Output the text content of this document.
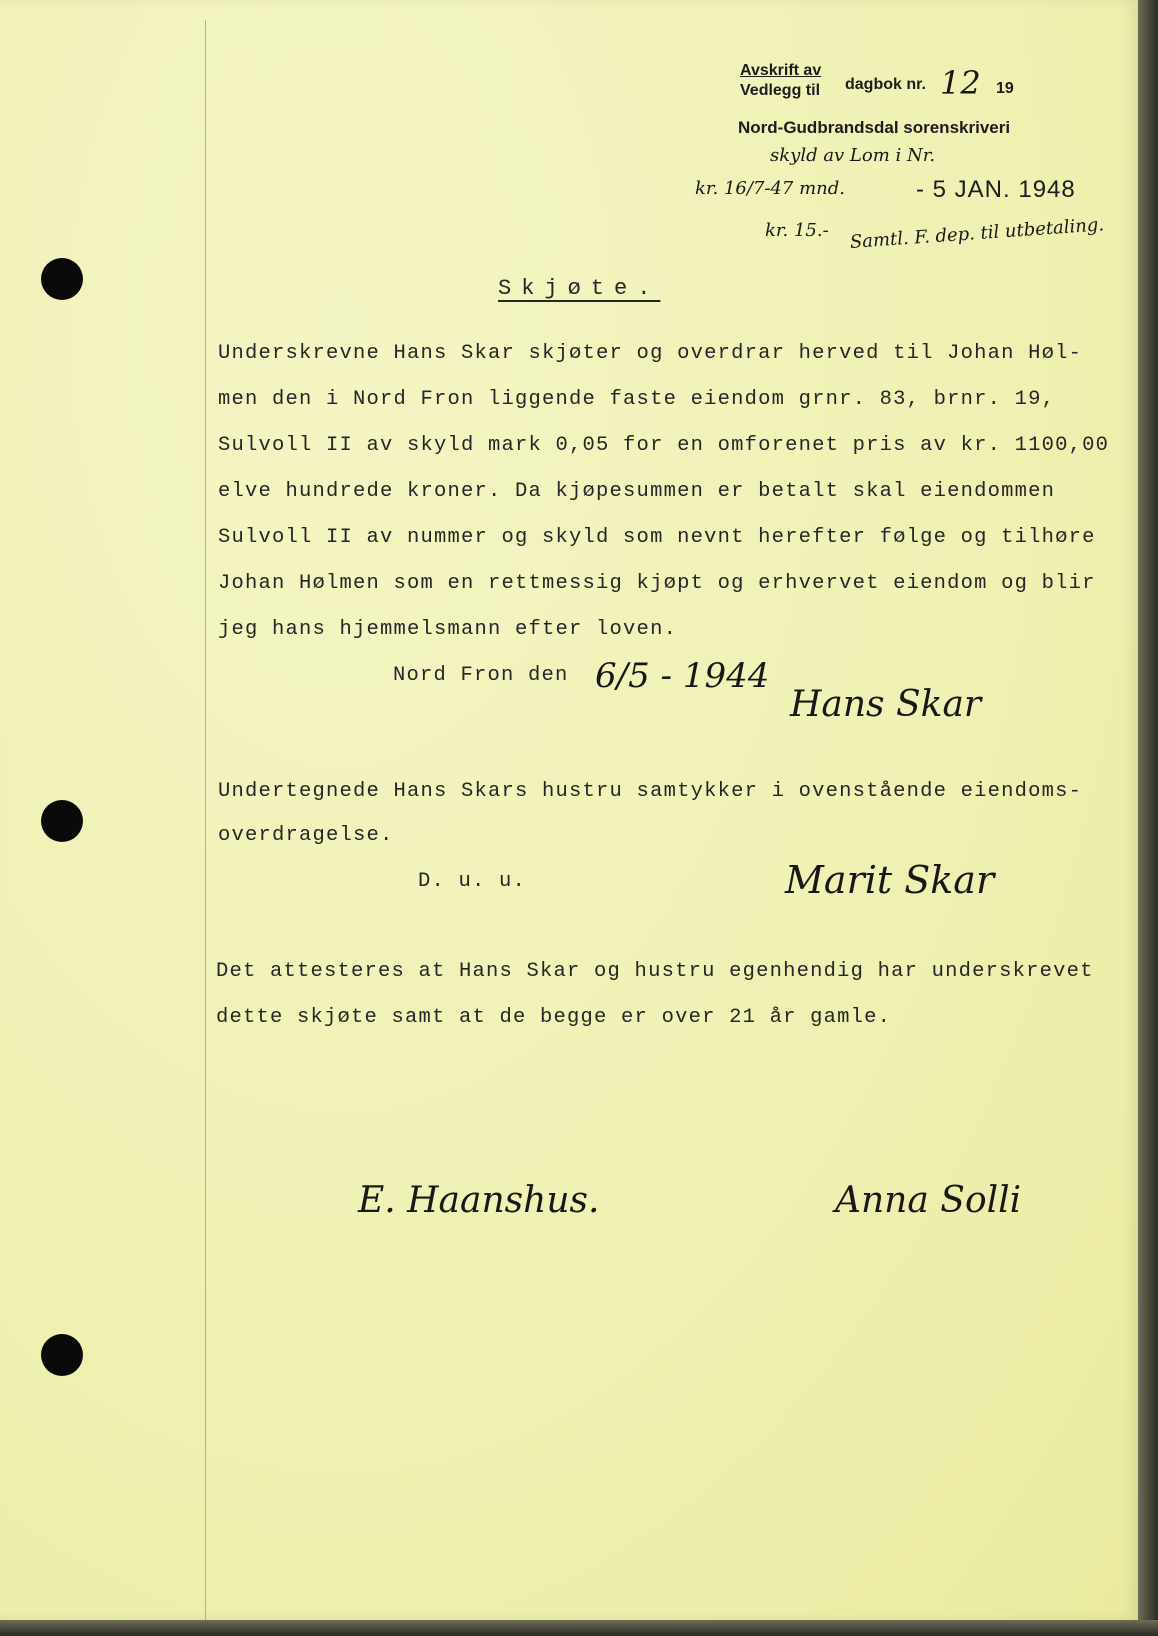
Avskrift av
Vedlegg til dagbok nr. 12 19
Nord-Gudbrandsdal sorenskriveri
skyld av Lom i Nr.
kr. 16/7-47 mnd.	- 5 JAN. 1948
kr. 15.- Samtl. F. dep. til utbetaling.
Skjøte.
Underskrevne Hans Skar skjøter og overdrar herved til Johan Høl-
men den i Nord Fron liggende faste eiendom grnr. 83, brnr. 19,
Sulvoll II av skyld mark 0,05 for en omforenet pris av kr. 1100,00
elve hundrede kroner. Da kjøpesummen er betalt skal eiendommen
Sulvoll II av nummer og skyld som nevnt herefter følge og tilhøre
Johan Hølmen som en rettmessig kjøpt og erhvervet eiendom og blir
jeg hans hjemmelsmann efter loven.
Nord Fron den 6/5 - 1944
Hans Skar
Undertegnede Hans Skars hustru samtykker i ovenstående eiendoms-
overdragelse.
D. u. u.	Marit Skar
Det attesteres at Hans Skar og hustru egenhendig har underskrevet
dette skjøte samt at de begge er over 21 år gamle.
E. Haanshus.	Anna Solli
